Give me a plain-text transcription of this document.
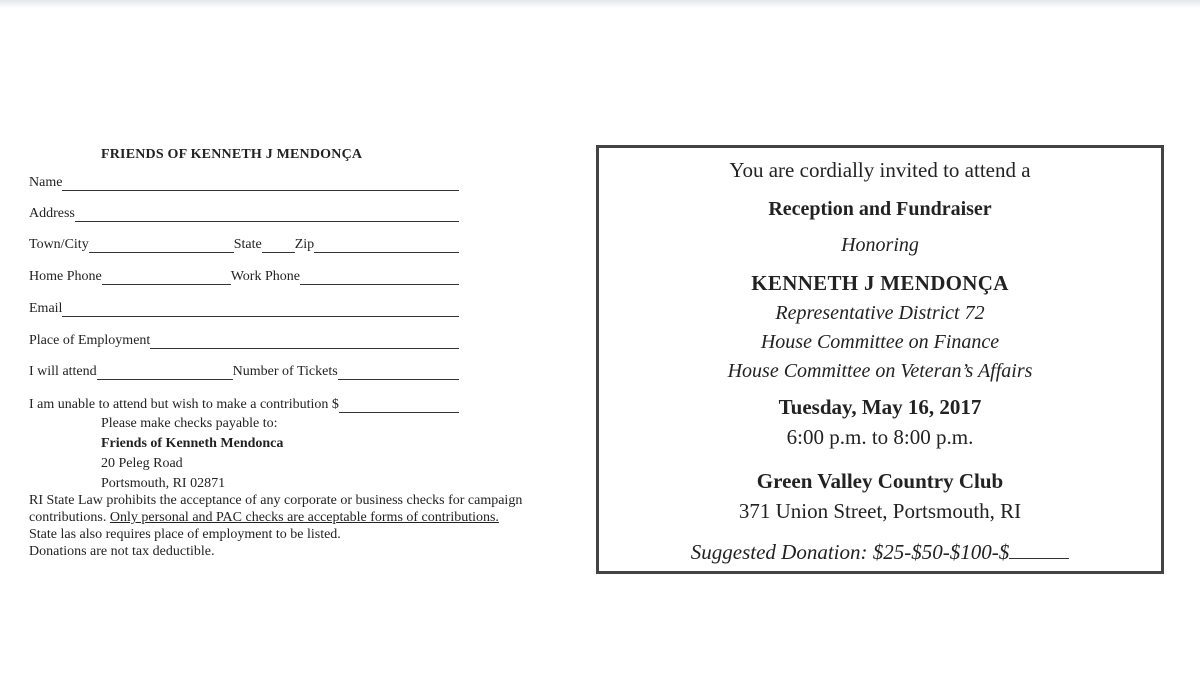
FRIENDS OF KENNETH J MENDONÇA
Name
Address
Town/City	State Zip
Home Phone	Work Phone
Email
Place of Employment
I will attend	Number of Tickets
I am unable to attend but wish to make a contribution $
Please make checks payable to:
Friends of Kenneth Mendonca
20 Peleg Road
Portsmouth, RI 02871
RI State Law prohibits the acceptance of any corporate or business checks for campaign contributions. Only personal and PAC checks are acceptable forms of contributions. State las also requires place of employment to be listed.
Donations are not tax deductible.
You are cordially invited to attend a
Reception and Fundraiser
Honoring
KENNETH J MENDONÇA
Representative District 72
House Committee on Finance
House Committee on Veteran’s Affairs
Tuesday, May 16, 2017
6:00 p.m. to 8:00 p.m.
Green Valley Country Club
371 Union Street, Portsmouth, RI
Suggested Donation: $25-$50-$100-$
